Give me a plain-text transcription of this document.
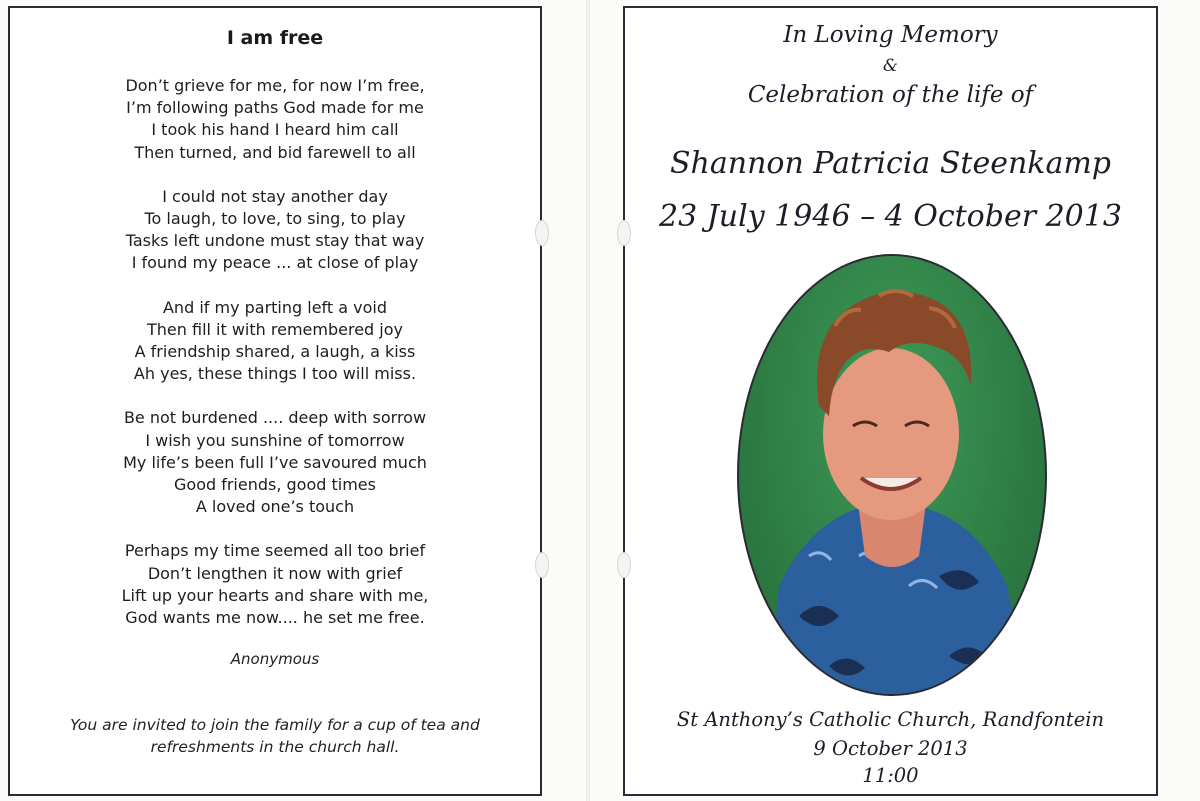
I am free
Don’t grieve for me, for now I’m free,
I’m following paths God made for me
I took his hand I heard him call
Then turned, and bid farewell to all
I could not stay another day
To laugh, to love, to sing, to play
Tasks left undone must stay that way
I found my peace ... at close of play
And if my parting left a void
Then fill it with remembered joy
A friendship shared, a laugh, a kiss
Ah yes, these things I too will miss.
Be not burdened .... deep with sorrow
I wish you sunshine of tomorrow
My life’s been full I’ve savoured much
Good friends, good times
A loved one’s touch
Perhaps my time seemed all too brief
Don’t lengthen it now with grief
Lift up your hearts and share with me,
God wants me now.... he set me free.
Anonymous
You are invited to join the family for a cup of tea and
refreshments in the church hall.
In Loving Memory
&
Celebration of the life of
Shannon Patricia Steenkamp
23 July 1946 – 4 October 2013
St Anthony’s Catholic Church, Randfontein
9 October 2013
11:00
